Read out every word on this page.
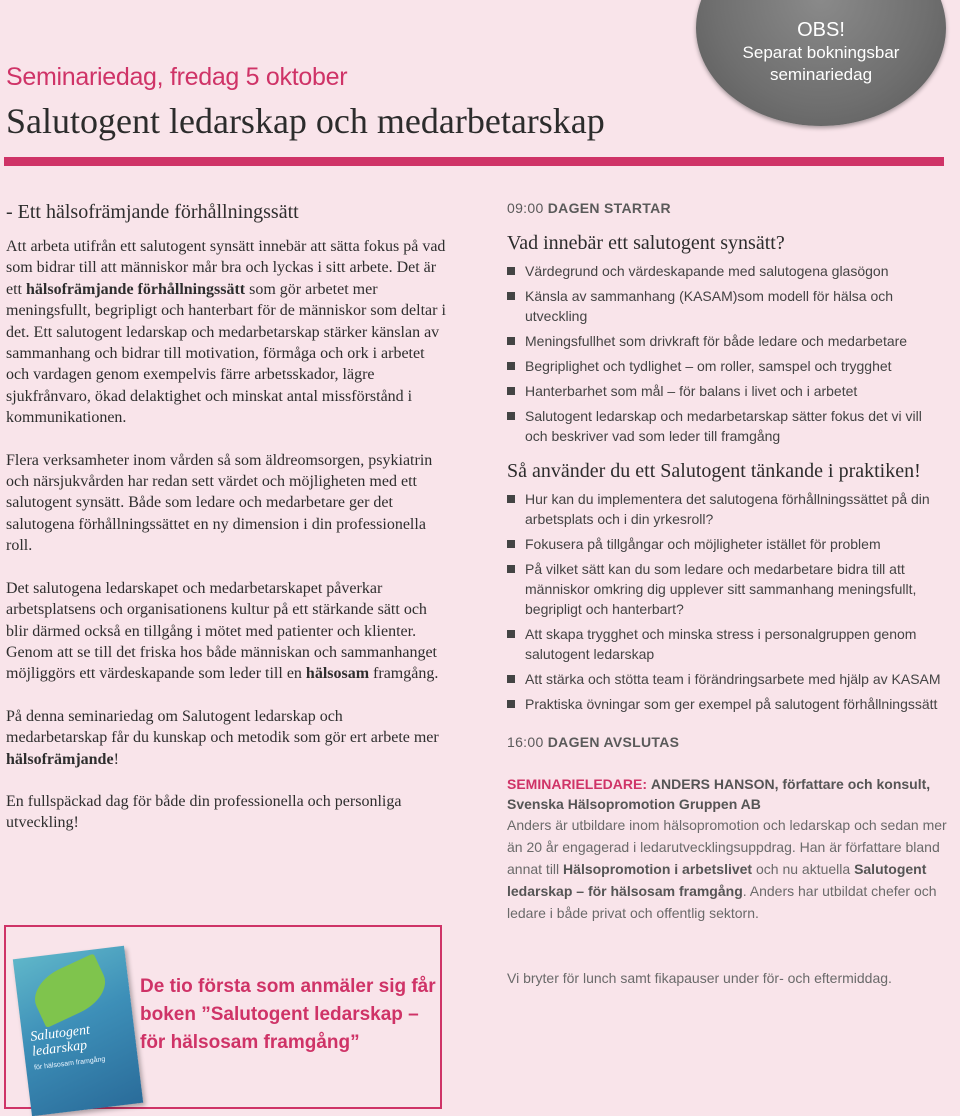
OBS!
Separat bokningsbar
seminariedag
Seminariedag, fredag 5 oktober
Salutogent ledarskap och medarbetarskap
- Ett hälsofrämjande förhållningssätt

Att arbeta utifrån ett salutogent synsätt innebär att sätta fokus på vad som bidrar till att människor mår bra och lyckas i sitt arbete. Det är ett hälsofrämjande förhållningssätt som gör arbetet mer meningsfullt, begripligt och hanterbart för de människor som deltar i det. Ett salutogent ledarskap och medarbetarskap stärker känslan av sammanhang och bidrar till motivation, förmåga och ork i arbetet och vardagen genom exempelvis färre arbetsskador, lägre sjukfrånvaro, ökad delaktighet och minskat antal missförstånd i kommunikationen.

Flera verksamheter inom vården så som äldreomsorgen, psykiatrin och närsjukvården har redan sett värdet och möjligheten med ett salutogent synsätt. Både som ledare och medarbetare ger det salutogena förhållningssättet en ny dimension i din professionella roll.

Det salutogena ledarskapet och medarbetarskapet påverkar arbetsplatsens och organisationens kultur på ett stärkande sätt och blir därmed också en tillgång i mötet med patienter och klienter. Genom att se till det friska hos både människan och sammanhanget möjliggörs ett värdeskapande som leder till en hälsosam framgång.

På denna seminariedag om Salutogent ledarskap och medarbetarskap får du kunskap och metodik som gör ert arbete mer hälsofrämjande!

En fullspäckad dag för både din professionella och personliga utveckling!

Salutogent ledarskap
för hälsosam framgång
De tio första som anmäler sig får boken ”Salutogent ledarskap – för hälsosam framgång”
09:00 DAGEN STARTAR
Vad innebär ett salutogent synsätt?
Värdegrund och värdeskapande med salutogena glasögon
Känsla av sammanhang (KASAM)som modell för hälsa och utveckling
Meningsfullhet som drivkraft för både ledare och medarbetare
Begriplighet och tydlighet – om roller, samspel och trygghet
Hanterbarhet som mål – för balans i livet och i arbetet
Salutogent ledarskap och medarbetarskap sätter fokus det vi vill och beskriver vad som leder till framgång
Så använder du ett Salutogent tänkande i praktiken!
Hur kan du implementera det salutogena förhållningssättet på din arbetsplats och i din yrkesroll?
Fokusera på tillgångar och möjligheter istället för problem
På vilket sätt kan du som ledare och medarbetare bidra till att människor omkring dig upplever sitt sammanhang meningsfullt, begripligt och hanterbart?
Att skapa trygghet och minska stress i personalgruppen genom salutogent ledarskap
Att stärka och stötta team i förändringsarbete med hjälp av KASAM
Praktiska övningar som ger exempel på salutogent förhållningssätt
16:00 DAGEN AVSLUTAS
SEMINARIELEDARE: ANDERS HANSON, författare och konsult, Svenska Hälsopromotion Gruppen AB
Anders är utbildare inom hälsopromotion och ledarskap och sedan mer än 20 år engagerad i ledarutvecklingsuppdrag. Han är författare bland annat till Hälsopromotion i arbetslivet och nu aktuella Salutogent ledarskap – för hälsosam framgång. Anders har utbildat chefer och ledare i både privat och offentlig sektorn.
Vi bryter för lunch samt fikapauser under för- och eftermiddag.
